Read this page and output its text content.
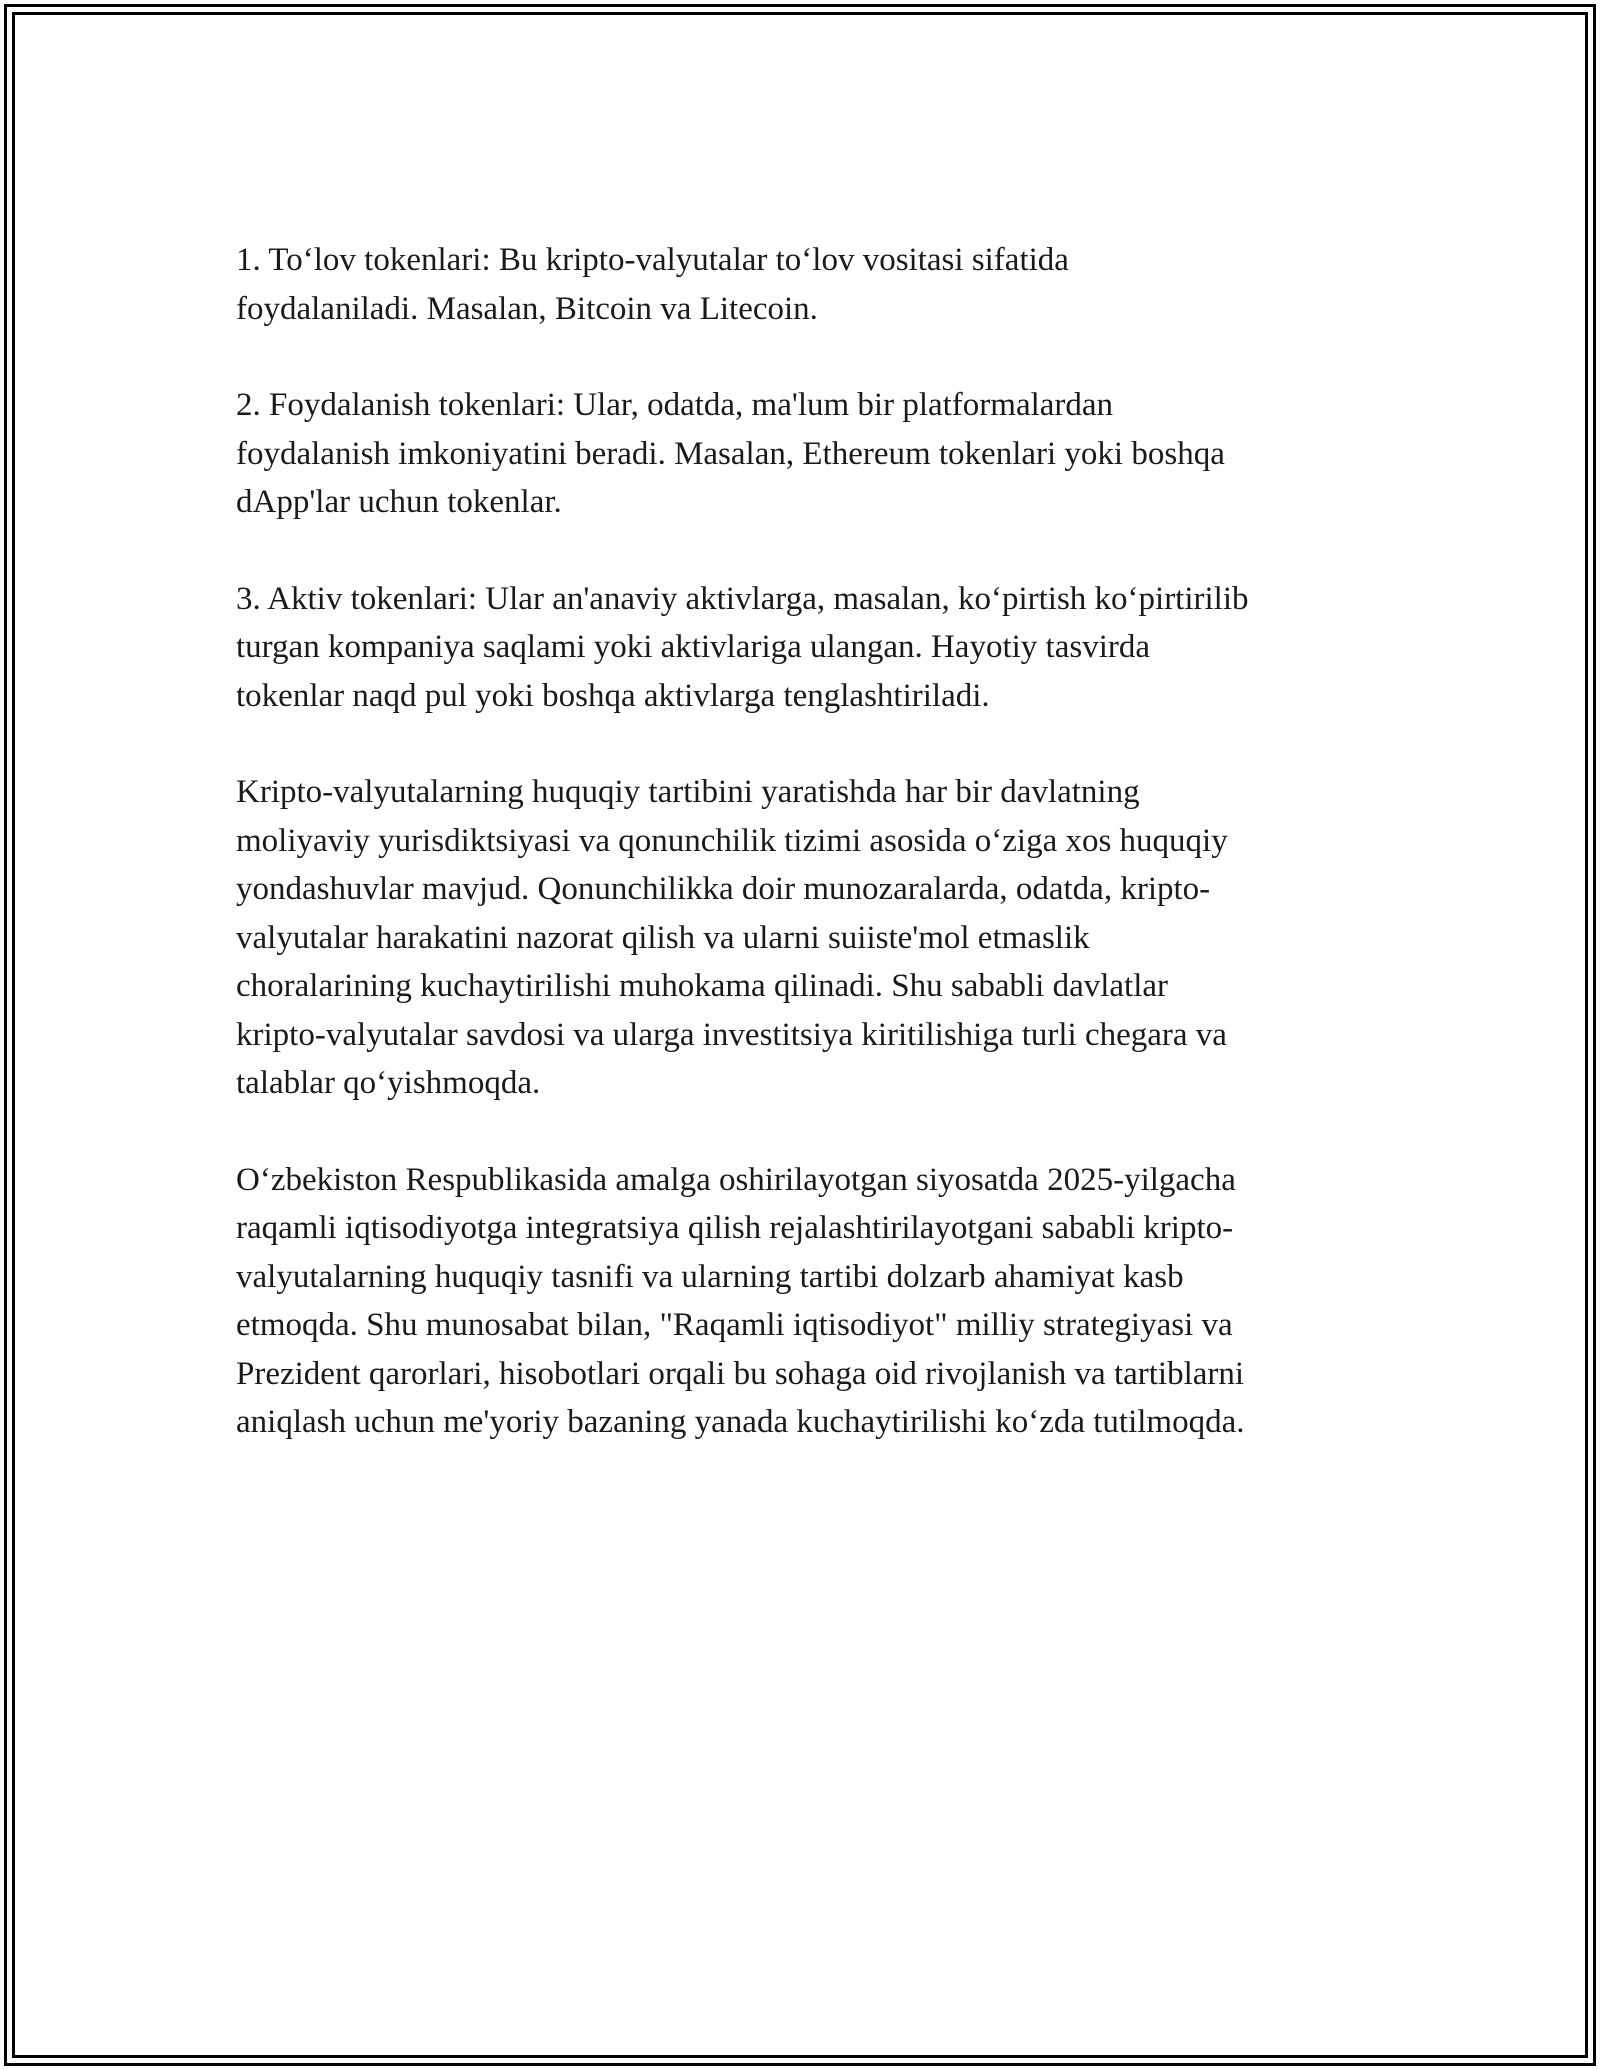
1. To‘lov tokenlari: Bu kripto-valyutalar to‘lov vositasi sifatida
foydalaniladi. Masalan, Bitcoin va Litecoin.

2. Foydalanish tokenlari: Ular, odatda, ma'lum bir platformalardan
foydalanish imkoniyatini beradi. Masalan, Ethereum tokenlari yoki boshqa
dApp'lar uchun tokenlar.

3. Aktiv tokenlari: Ular an'anaviy aktivlarga, masalan, ko‘pirtish ko‘pirtirilib
turgan kompaniya saqlami yoki aktivlariga ulangan. Hayotiy tasvirda
tokenlar naqd pul yoki boshqa aktivlarga tenglashtiriladi.

Kripto-valyutalarning huquqiy tartibini yaratishda har bir davlatning
moliyaviy yurisdiktsiyasi va qonunchilik tizimi asosida o‘ziga xos huquqiy
yondashuvlar mavjud. Qonunchilikka doir munozaralarda, odatda, kripto-
valyutalar harakatini nazorat qilish va ularni suiiste'mol etmaslik
choralarining kuchaytirilishi muhokama qilinadi. Shu sababli davlatlar
kripto-valyutalar savdosi va ularga investitsiya kiritilishiga turli chegara va
talablar qo‘yishmoqda.

O‘zbekiston Respublikasida amalga oshirilayotgan siyosatda 2025-yilgacha
raqamli iqtisodiyotga integratsiya qilish rejalashtirilayotgani sababli kripto-
valyutalarning huquqiy tasnifi va ularning tartibi dolzarb ahamiyat kasb
etmoqda. Shu munosabat bilan, "Raqamli iqtisodiyot" milliy strategiyasi va
Prezident qarorlari, hisobotlari orqali bu sohaga oid rivojlanish va tartiblarni
aniqlash uchun me'yoriy bazaning yanada kuchaytirilishi ko‘zda tutilmoqda.
